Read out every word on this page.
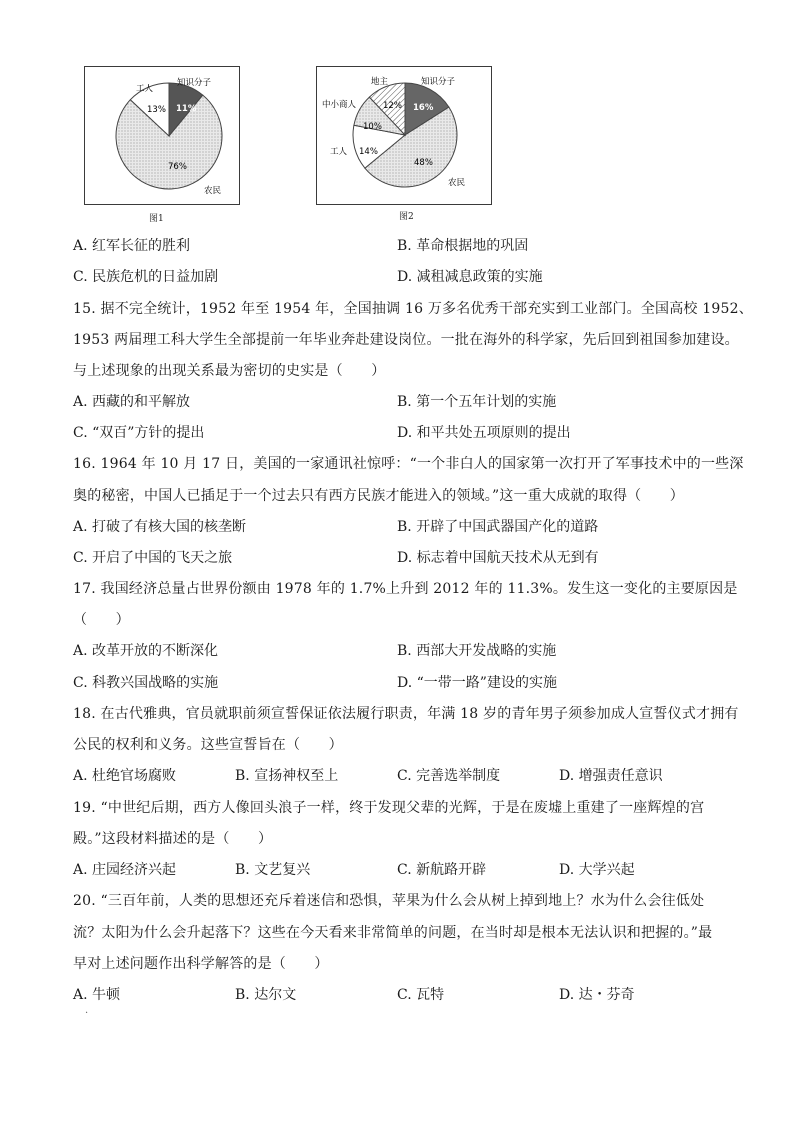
工人
知识分子
13% 11%
76%
农民
图1
地主	知识分子
中小商人
工人
农民
12% 16%
10%
14%
48%
图2
A. 红军长征的胜利	B. 革命根据地的巩固
C. 民族危机的日益加剧	D. 减租减息政策的实施
15. 据不完全统计，1952 年至 1954 年，全国抽调 16 万多名优秀干部充实到工业部门。全国高校 1952、
1953 两届理工科大学生全部提前一年毕业奔赴建设岗位。一批在海外的科学家，先后回到祖国参加建设。
与上述现象的出现关系最为密切的史实是（　　）
A. 西藏的和平解放	B. 第一个五年计划的实施
C. “双百”方针的提出	D. 和平共处五项原则的提出
16. 1964 年 10 月 17 日，美国的一家通讯社惊呼：“一个非白人的国家第一次打开了军事技术中的一些深
奥的秘密，中国人已插足于一个过去只有西方民族才能进入的领域。”这一重大成就的取得（　　）
A. 打破了有核大国的核垄断	B. 开辟了中国武器国产化的道路
C. 开启了中国的飞天之旅	D. 标志着中国航天技术从无到有
17. 我国经济总量占世界份额由 1978 年的 1.7%上升到 2012 年的 11.3%。发生这一变化的主要原因是
（　　）
A. 改革开放的不断深化	B. 西部大开发战略的实施
C. 科教兴国战略的实施	D. “一带一路”建设的实施
18. 在古代雅典，官员就职前须宣誓保证依法履行职责，年满 18 岁的青年男子须参加成人宣誓仪式才拥有
公民的权利和义务。这些宣誓旨在（　　）
A. 杜绝官场腐败	B. 宣扬神权至上	C. 完善选举制度	D. 增强责任意识
19. “中世纪后期，西方人像回头浪子一样，终于发现父辈的光辉，于是在废墟上重建了一座辉煌的宫
殿。”这段材料描述的是（　　）
A. 庄园经济兴起	B. 文艺复兴	C. 新航路开辟	D. 大学兴起
20. “三百年前，人类的思想还充斥着迷信和恐惧，苹果为什么会从树上掉到地上？水为什么会往低处
流？太阳为什么会升起落下？这些在今天看来非常简单的问题，在当时却是根本无法认识和把握的。”最
早对上述问题作出科学解答的是（　　）
A. 牛顿	B. 达尔文	C. 瓦特	D. 达・芬奇
·
